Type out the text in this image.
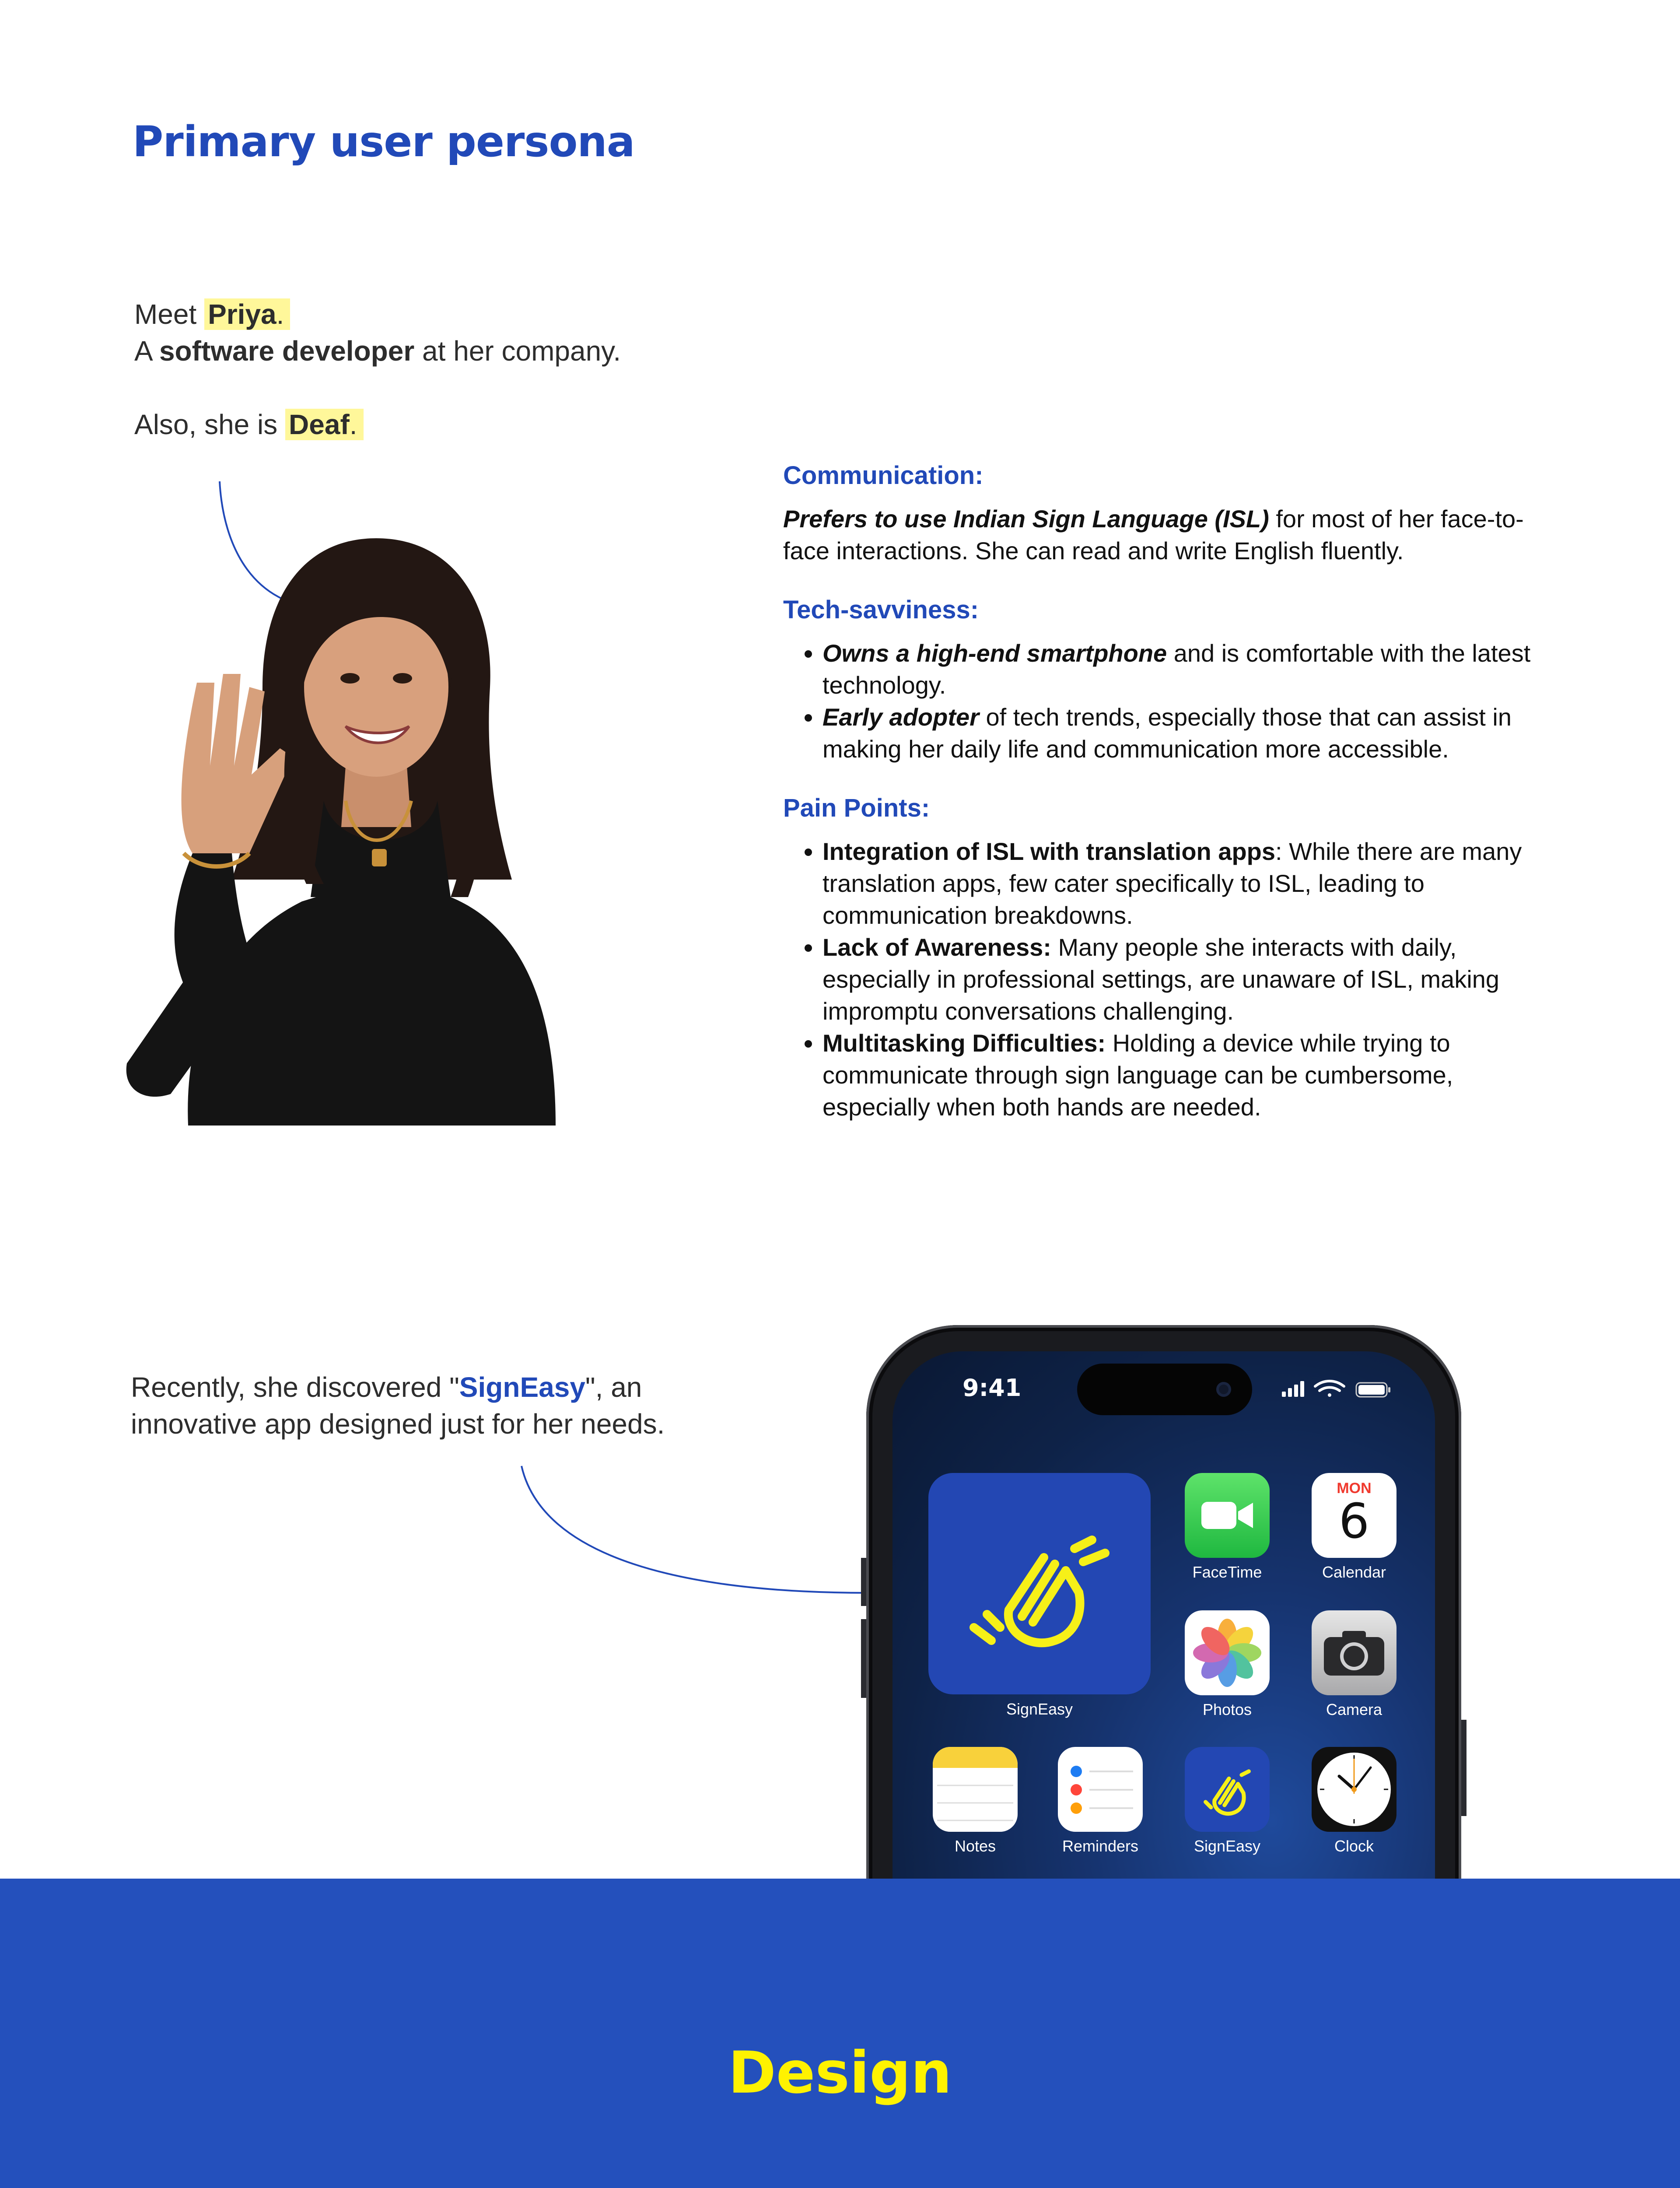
Primary user persona

Meet Priya.

A software developer at her company.

Also, she is Deaf.

Communication:

Prefers to use Indian Sign Language (ISL) for most of her face-to-face interactions. She can read and write English fluently.

Tech-savviness:
• Owns a high-end smartphone and is comfortable with the latest technology.
• Early adopter of tech trends, especially those that can assist in making her daily life and communication more accessible.
Pain Points:
• Integration of ISL with translation apps: While there are many translation apps, few cater specifically to ISL, leading to communication breakdowns.
• Lack of Awareness: Many people she interacts with daily, especially in professional settings, are unaware of ISL, making impromptu conversations challenging.
• Multitasking Difficulties: Holding a device while trying to communicate through sign language can be cumbersome, especially when both hands are needed.

Recently, she discovered "SignEasy", an

innovative app designed just for her needs.

9:41
SignEasy
FaceTime
MON
6
Calendar
Photos	Camera
Notes	Reminders	SignEasy	Clock
Design
